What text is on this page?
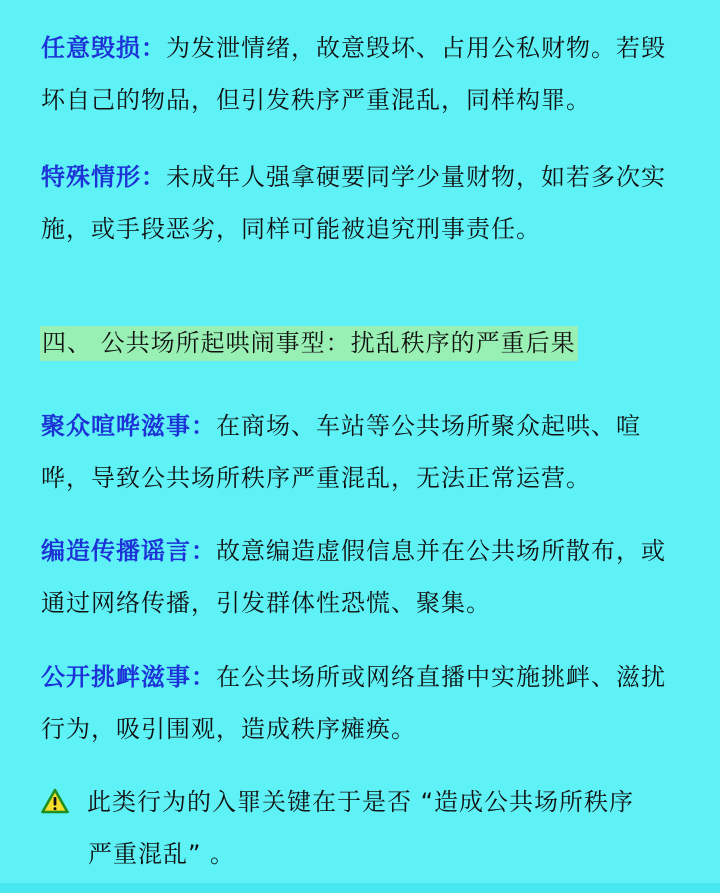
任意毁损：为发泄情绪，故意毁坏、占用公私财物。若毁坏自己的物品，但引发秩序严重混乱，同样构罪。

特殊情形：未成年人强拿硬要同学少量财物，如若多次实施，或手段恶劣，同样可能被追究刑事责任。

四、 公共场所起哄闹事型：扰乱秩序的严重后果

聚众喧哗滋事：在商场、车站等公共场所聚众起哄、喧哗，导致公共场所秩序严重混乱，无法正常运营。

编造传播谣言：故意编造虚假信息并在公共场所散布，或通过网络传播，引发群体性恐慌、聚集。

公开挑衅滋事：在公共场所或网络直播中实施挑衅、滋扰行为，吸引围观，造成秩序瘫痪。

此类行为的入罪关键在于是否 “造成公共场所秩序
严重混乱” 。
